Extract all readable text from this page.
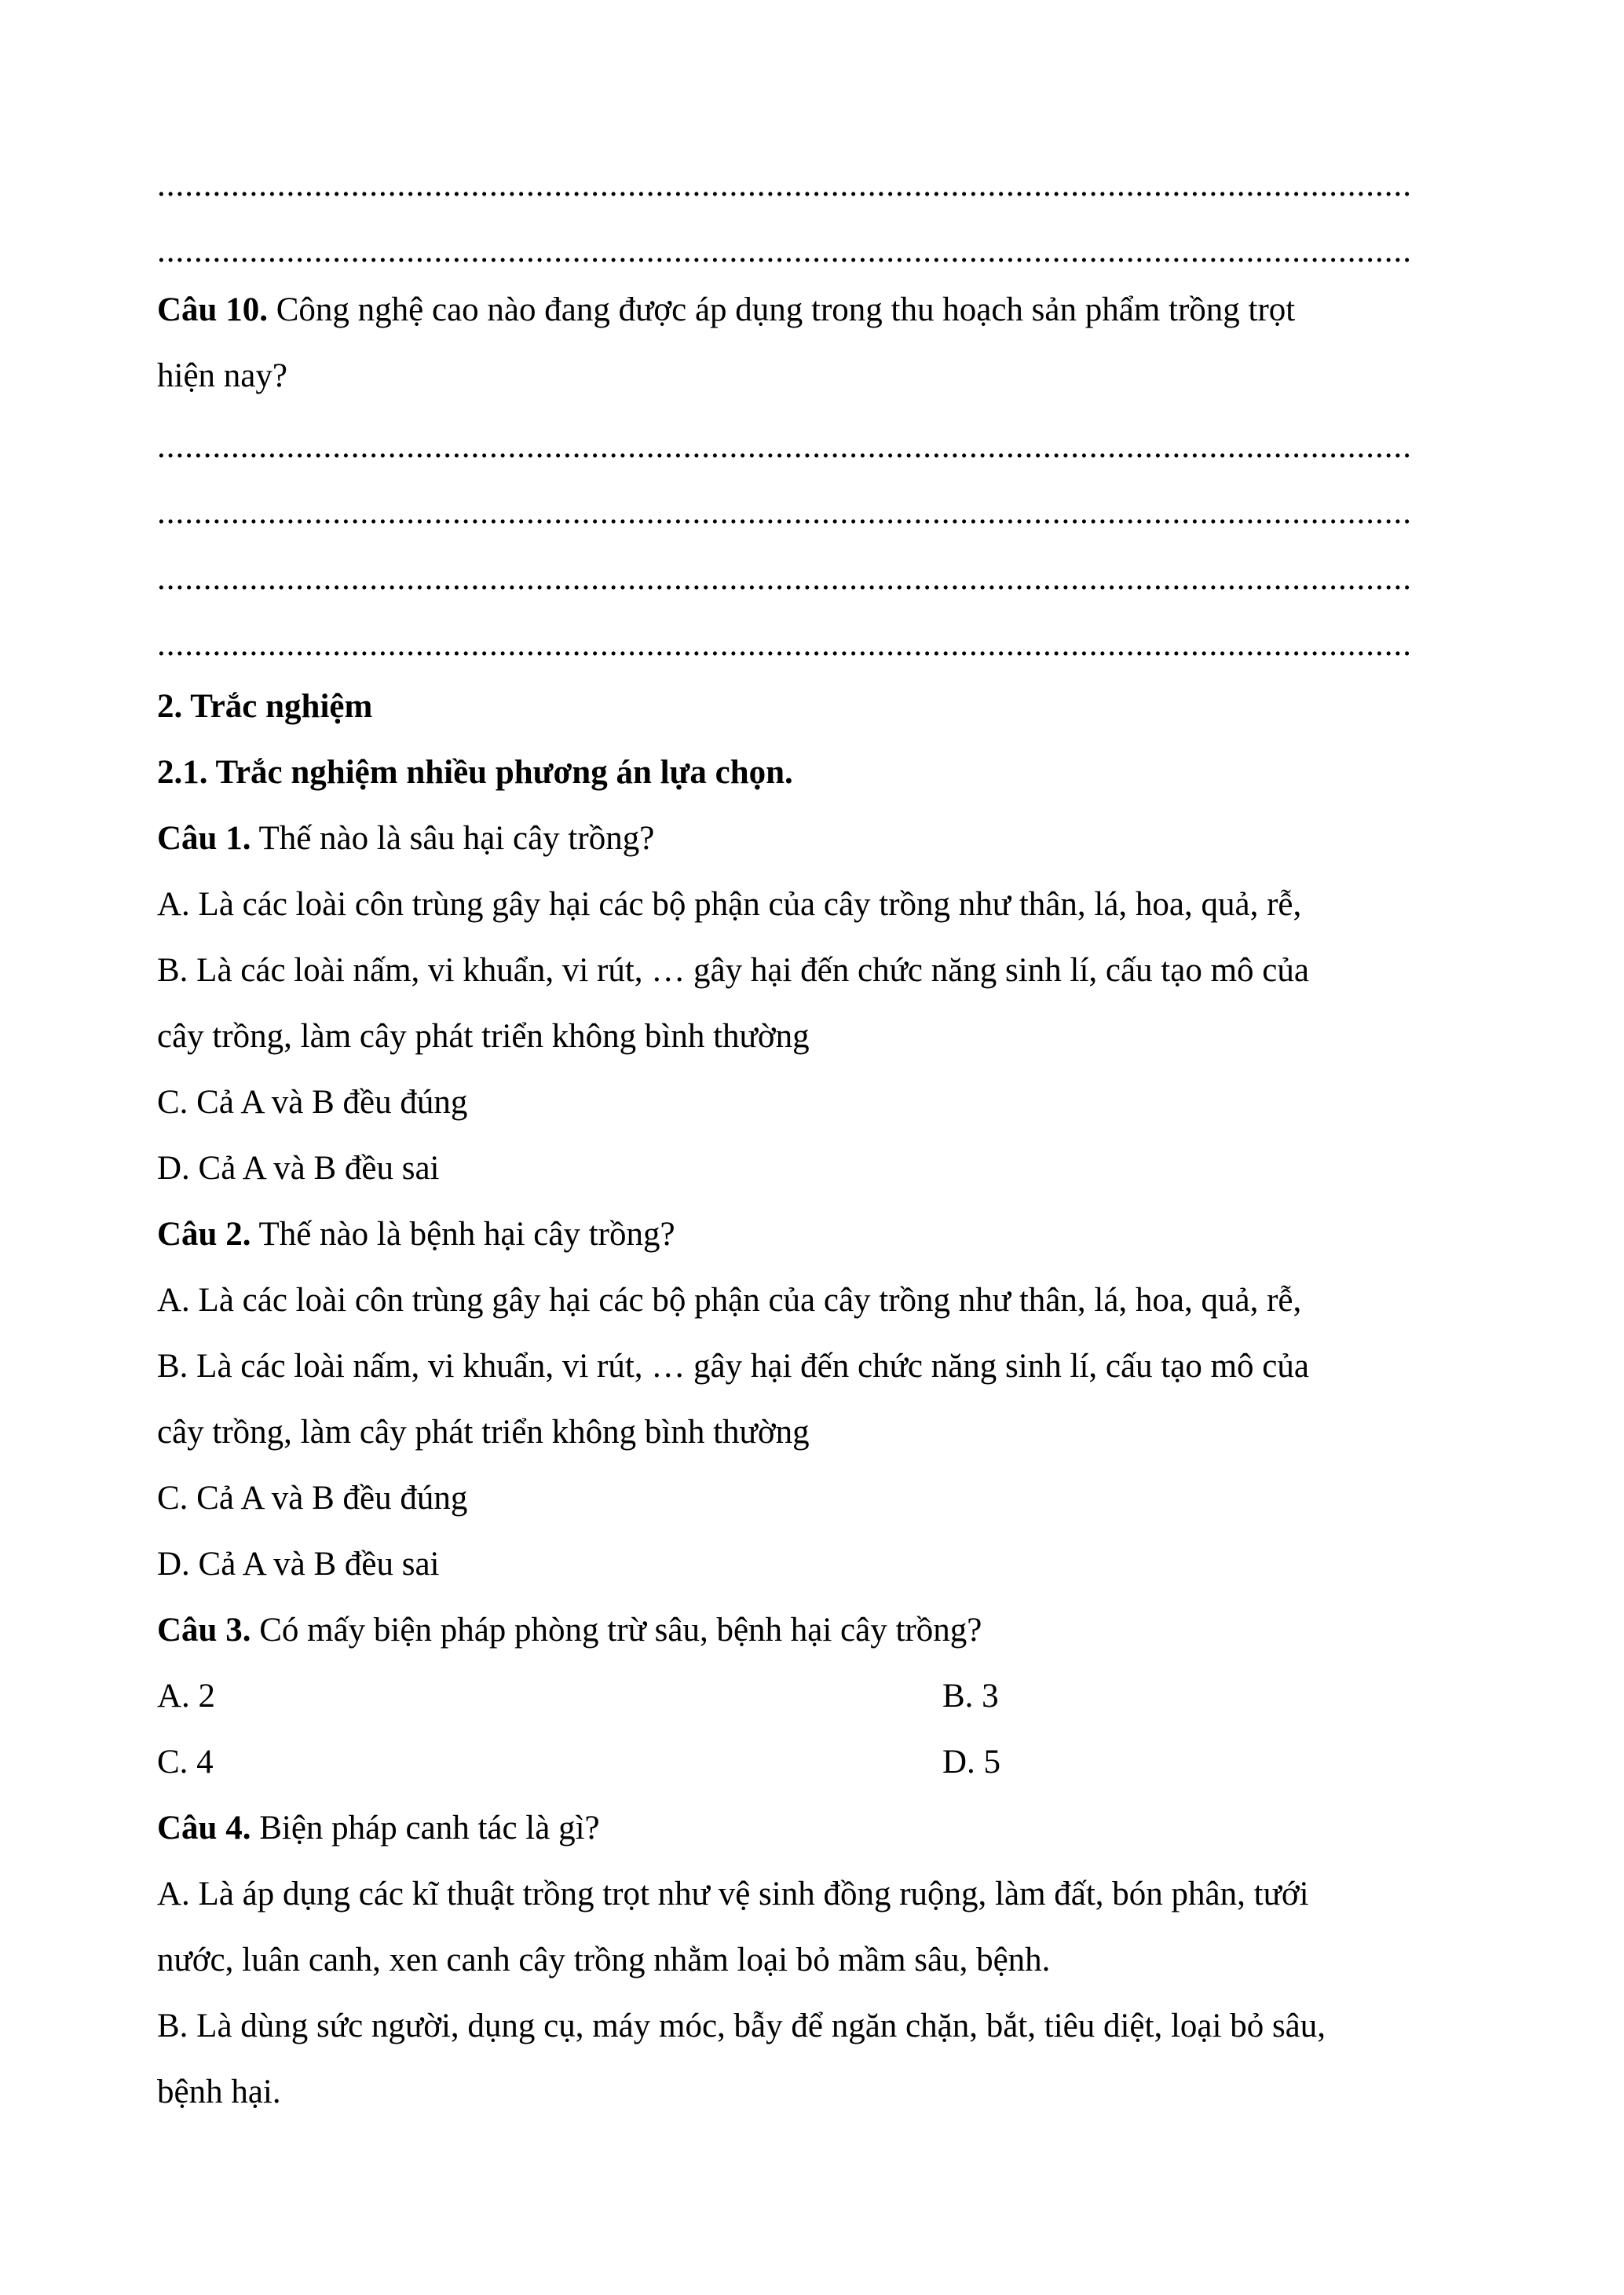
........................................................................................................................................
........................................................................................................................................
Câu 10. Công nghệ cao nào đang được áp dụng trong thu hoạch sản phẩm trồng trọt
hiện nay?
........................................................................................................................................
........................................................................................................................................
........................................................................................................................................
........................................................................................................................................
2. Trắc nghiệm
2.1. Trắc nghiệm nhiều phương án lựa chọn.
Câu 1. Thế nào là sâu hại cây trồng?
A. Là các loài côn trùng gây hại các bộ phận của cây trồng như thân, lá, hoa, quả, rễ,
B. Là các loài nấm, vi khuẩn, vi rút, … gây hại đến chức năng sinh lí, cấu tạo mô của
cây trồng, làm cây phát triển không bình thường
C. Cả A và B đều đúng
D. Cả A và B đều sai
Câu 2. Thế nào là bệnh hại cây trồng?
A. Là các loài côn trùng gây hại các bộ phận của cây trồng như thân, lá, hoa, quả, rễ,
B. Là các loài nấm, vi khuẩn, vi rút, … gây hại đến chức năng sinh lí, cấu tạo mô của
cây trồng, làm cây phát triển không bình thường
C. Cả A và B đều đúng
D. Cả A và B đều sai
Câu 3. Có mấy biện pháp phòng trừ sâu, bệnh hại cây trồng?
A. 2	B. 3
C. 4	D. 5
Câu 4. Biện pháp canh tác là gì?
A. Là áp dụng các kĩ thuật trồng trọt như vệ sinh đồng ruộng, làm đất, bón phân, tưới
nước, luân canh, xen canh cây trồng nhằm loại bỏ mầm sâu, bệnh.
B. Là dùng sức người, dụng cụ, máy móc, bẫy để ngăn chặn, bắt, tiêu diệt, loại bỏ sâu,
bệnh hại.
